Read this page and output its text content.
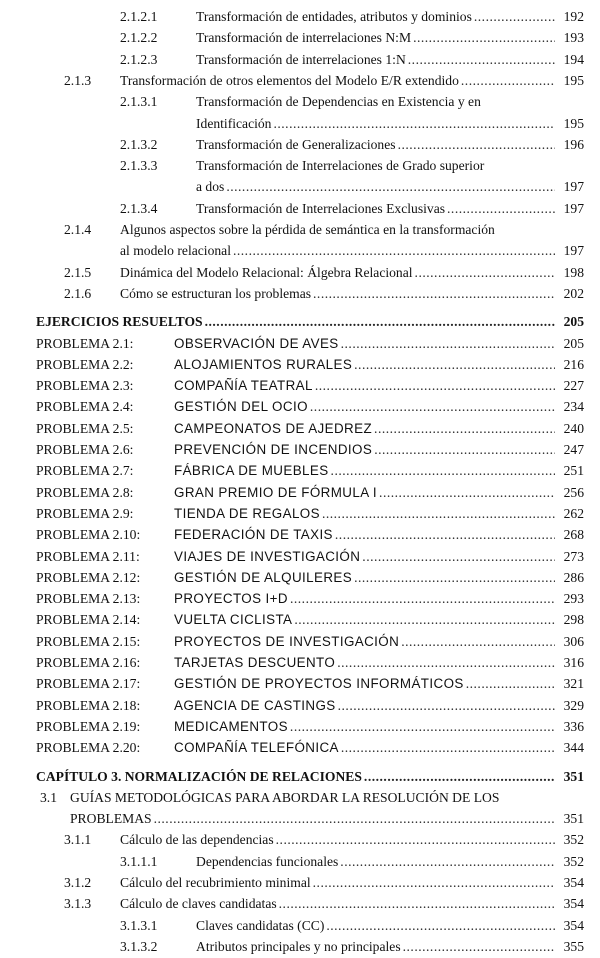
2.1.2.1	Transformación de entidades, atributos y dominios .....	192
2.1.2.2	Transformación de interrelaciones N:M .....	193
2.1.2.3	Transformación de interrelaciones 1:N .....	194
2.1.3 Transformación de otros elementos del Modelo E/R extendido .....	195
2.1.3.1	Transformación de Dependencias en Existencia y en
Identificación .....	195
2.1.3.2	Transformación de Generalizaciones .....	196
2.1.3.3	Transformación de Interrelaciones de Grado superior
a dos .....	197
2.1.3.4	Transformación de Interrelaciones Exclusivas .....	197
2.1.4 Algunos aspectos sobre la pérdida de semántica en la transformación
al modelo relacional .....	197
2.1.5 Dinámica del Modelo Relacional: Álgebra Relacional .....	198
2.1.6 Cómo se estructuran los problemas .....	202
EJERCICIOS RESUELTOS .....	205
PROBLEMA 2.1:	OBSERVACIÓN DE AVES .....	205
PROBLEMA 2.2:	ALOJAMIENTOS RURALES .....	216
PROBLEMA 2.3:	COMPAÑÍA TEATRAL .....	227
PROBLEMA 2.4:	GESTIÓN DEL OCIO .....	234
PROBLEMA 2.5:	CAMPEONATOS DE AJEDREZ .....	240
PROBLEMA 2.6:	PREVENCIÓN DE INCENDIOS .....	247
PROBLEMA 2.7:	FÁBRICA DE MUEBLES .....	251
PROBLEMA 2.8:	GRAN PREMIO DE FÓRMULA I .....	256
PROBLEMA 2.9:	TIENDA DE REGALOS .....	262
PROBLEMA 2.10:	FEDERACIÓN DE TAXIS .....	268
PROBLEMA 2.11:	VIAJES DE INVESTIGACIÓN .....	273
PROBLEMA 2.12:	GESTIÓN DE ALQUILERES .....	286
PROBLEMA 2.13:	PROYECTOS I+D .....	293
PROBLEMA 2.14:	VUELTA CICLISTA .....	298
PROBLEMA 2.15:	PROYECTOS DE INVESTIGACIÓN .....	306
PROBLEMA 2.16:	TARJETAS DESCUENTO .....	316
PROBLEMA 2.17:	GESTIÓN DE PROYECTOS INFORMÁTICOS .....	321
PROBLEMA 2.18:	AGENCIA DE CASTINGS .....	329
PROBLEMA 2.19:	MEDICAMENTOS .....	336
PROBLEMA 2.20:	COMPAÑÍA TELEFÓNICA .....	344
CAPÍTULO 3. NORMALIZACIÓN DE RELACIONES .....	351
3.1 GUÍAS METODOLÓGICAS PARA ABORDAR LA RESOLUCIÓN DE LOS
PROBLEMAS .....	351
3.1.1 Cálculo de las dependencias .....	352
3.1.1.1	Dependencias funcionales .....	352
3.1.2 Cálculo del recubrimiento minimal .....	354
3.1.3 Cálculo de claves candidatas .....	354
3.1.3.1	Claves candidatas (CC) .....	354
3.1.3.2	Atributos principales y no principales .....	355
